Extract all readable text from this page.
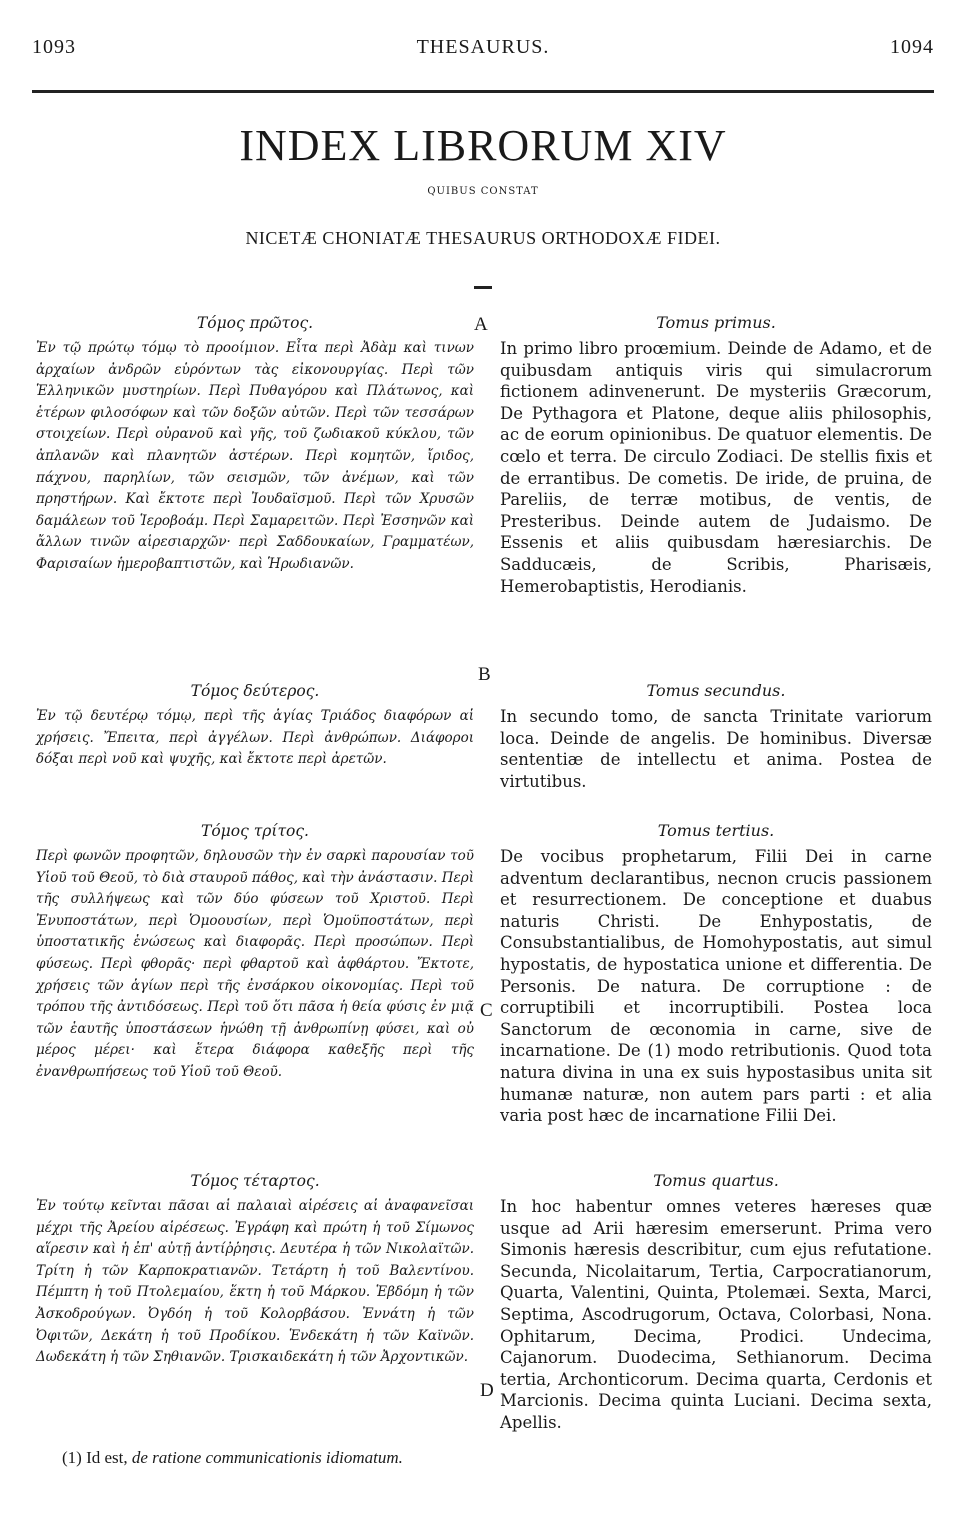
1093	THESAURUS.	1094
INDEX LIBRORUM XIV
QUIBUS CONSTAT
NICETÆ CHONIATÆ THESAURUS ORTHODOXÆ FIDEI.

Τόμος πρῶτος.

Ἐν τῷ πρώτῳ τόμῳ τὸ προοίμιον. Εἶτα περὶ Ἀδὰμ καὶ τινων ἀρχαίων ἀνδρῶν εὑρόντων τὰς εἰκονουργίας. Περὶ τῶν Ἑλληνικῶν μυστηρίων. Περὶ Πυθαγόρου καὶ Πλάτωνος, καὶ ἑτέρων φιλοσόφων καὶ τῶν δοξῶν αὐτῶν. Περὶ τῶν τεσσάρων στοιχείων. Περὶ οὐρανοῦ καὶ γῆς, τοῦ ζωδιακοῦ κύκλου, τῶν ἀπλανῶν καὶ πλανητῶν ἀστέρων. Περὶ κομητῶν, ἴριδος, πάχνου, παρηλίων, τῶν σεισμῶν, τῶν ἀνέμων, καὶ τῶν πρηστήρων. Καὶ ἔκτοτε περὶ Ἰουδαϊσμοῦ. Περὶ τῶν Χρυσῶν δαμάλεων τοῦ Ἱεροβοάμ. Περὶ Σαμαρειτῶν. Περὶ Ἐσσηνῶν καὶ ἄλλων τινῶν αἱρεσιαρχῶν· περὶ Σαδδουκαίων, Γραμματέων, Φαρισαίων ἡμεροβαπτιστῶν, καὶ Ἡρωδιανῶν.

Τόμος δεύτερος.

Ἐν τῷ δευτέρῳ τόμῳ, περὶ τῆς ἁγίας Τριάδος διαφόρων αἱ χρήσεις. Ἔπειτα, περὶ ἀγγέλων. Περὶ ἀνθρώπων. Διάφοροι δόξαι περὶ νοῦ καὶ ψυχῆς, καὶ ἔκτοτε περὶ ἀρετῶν.

Τόμος τρίτος.

Περὶ φωνῶν προφητῶν, δηλουσῶν τὴν ἐν σαρκὶ παρουσίαν τοῦ Υἱοῦ τοῦ Θεοῦ, τὸ διὰ σταυροῦ πάθος, καὶ τὴν ἀνάστασιν. Περὶ τῆς συλλήψεως καὶ τῶν δύο φύσεων τοῦ Χριστοῦ. Περὶ Ἐνυποστάτων, περὶ Ὁμοουσίων, περὶ Ὁμοϋποστάτων, περὶ ὑποστατικῆς ἑνώσεως καὶ διαφορᾶς. Περὶ προσώπων. Περὶ φύσεως. Περὶ φθορᾶς· περὶ φθαρτοῦ καὶ ἀφθάρτου. Ἔκτοτε, χρήσεις τῶν ἁγίων περὶ τῆς ἐνσάρκου οἰκονομίας. Περὶ τοῦ τρόπου τῆς ἀντιδόσεως. Περὶ τοῦ ὅτι πᾶσα ἡ θεία φύσις ἐν μιᾷ τῶν ἑαυτῆς ὑποστάσεων ἡνώθη τῇ ἀνθρωπίνῃ φύσει, καὶ οὐ μέρος μέρει· καὶ ἕτερα διάφορα καθεξῆς περὶ τῆς ἐνανθρωπήσεως τοῦ Υἱοῦ τοῦ Θεοῦ.

Τόμος τέταρτος.

Ἐν τούτῳ κεῖνται πᾶσαι αἱ παλαιαὶ αἱρέσεις αἱ ἀναφανεῖσαι μέχρι τῆς Ἀρείου αἱρέσεως. Ἐγράφη καὶ πρώτη ἡ τοῦ Σίμωνος αἵρεσιν καὶ ἡ ἐπ' αὐτῇ ἀντίῤῥησις. Δευτέρα ἡ τῶν Νικολαϊτῶν. Τρίτη ἡ τῶν Καρποκρατιανῶν. Τετάρτη ἡ τοῦ Βαλεντίνου. Πέμπτη ἡ τοῦ Πτολεμαίου, ἕκτη ἡ τοῦ Μάρκου. Ἑβδόμη ἡ τῶν Ἀσκοδρούγων. Ὀγδόη ἡ τοῦ Κολορβάσου. Ἐννάτη ἡ τῶν Ὀφιτῶν, Δεκάτη ἡ τοῦ Προδίκου. Ἑνδεκάτη ἡ τῶν Καϊνῶν. Δωδεκάτη ἡ τῶν Σηθιανῶν. Τρισκαιδεκάτη ἡ τῶν Ἀρχοντικῶν.

A
B
C
D

Tomus primus.

In primo libro proœmium. Deinde de Adamo, et de quibusdam antiquis viris qui simulacrorum fictionem adinvenerunt. De mysteriis Græcorum, De Pythagora et Platone, deque aliis philosophis, ac de eorum opinionibus. De quatuor elementis. De cœlo et terra. De circulo Zodiaci. De stellis fixis et de errantibus. De cometis. De iride, de pruina, de Pareliis, de terræ motibus, de ventis, de Presteribus. Deinde autem de Judaismo. De Essenis et aliis quibusdam hæresiarchis. De Sadducæis, de Scribis, Pharisæis, Hemerobaptistis, Herodianis.

Tomus secundus.

In secundo tomo, de sancta Trinitate variorum loca. Deinde de angelis. De hominibus. Diversæ sententiæ de intellectu et anima. Postea de virtutibus.

Tomus tertius.

De vocibus prophetarum, Filii Dei in carne adventum declarantibus, necnon crucis passionem et resurrectionem. De conceptione et duabus naturis Christi. De Enhypostatis, de Consubstantialibus, de Homohypostatis, aut simul hypostatis, de hypostatica unione et differentia. De Personis. De natura. De corruptione : de corruptibili et incorruptibili. Postea loca Sanctorum de œconomia in carne, sive de incarnatione. De (1) modo retributionis. Quod tota natura divina in una ex suis hypostasibus unita sit humanæ naturæ, non autem pars parti : et alia varia post hæc de incarnatione Filii Dei.

Tomus quartus.

In hoc habentur omnes veteres hæreses quæ usque ad Arii hæresim emerserunt. Prima vero Simonis hæresis describitur, cum ejus refutatione. Secunda, Nicolaitarum, Tertia, Carpocratianorum, Quarta, Valentini, Quinta, Ptolemæi. Sexta, Marci, Septima, Ascodrugorum, Octava, Colorbasi, Nona. Ophitarum, Decima, Prodici. Undecima, Cajanorum. Duodecima, Sethianorum. Decima tertia, Archonticorum. Decima quarta, Cerdonis et Marcionis. Decima quinta Luciani. Decima sexta, Apellis.

(1) Id est, de ratione communicationis idiomatum.
